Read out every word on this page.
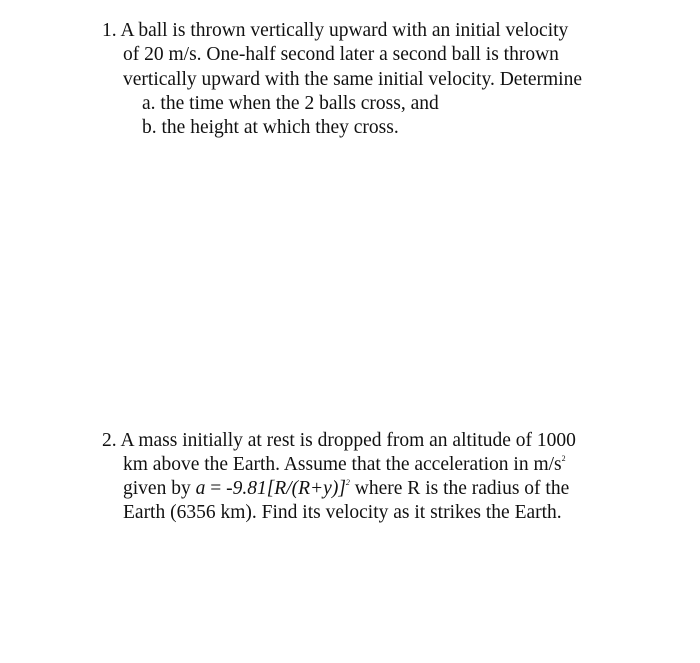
1. A ball is thrown vertically upward with an initial velocity
of 20 m/s. One-half second later a second ball is thrown
vertically upward with the same initial velocity. Determine
a. the time when the 2 balls cross, and
b. the height at which they cross.
2. A mass initially at rest is dropped from an altitude of 1000
km above the Earth. Assume that the acceleration in $m/s^2$
given by $a = -9.81[R/(R+y)]^2$ where R is the radius of the
Earth (6356 km). Find its velocity as it strikes the Earth.
